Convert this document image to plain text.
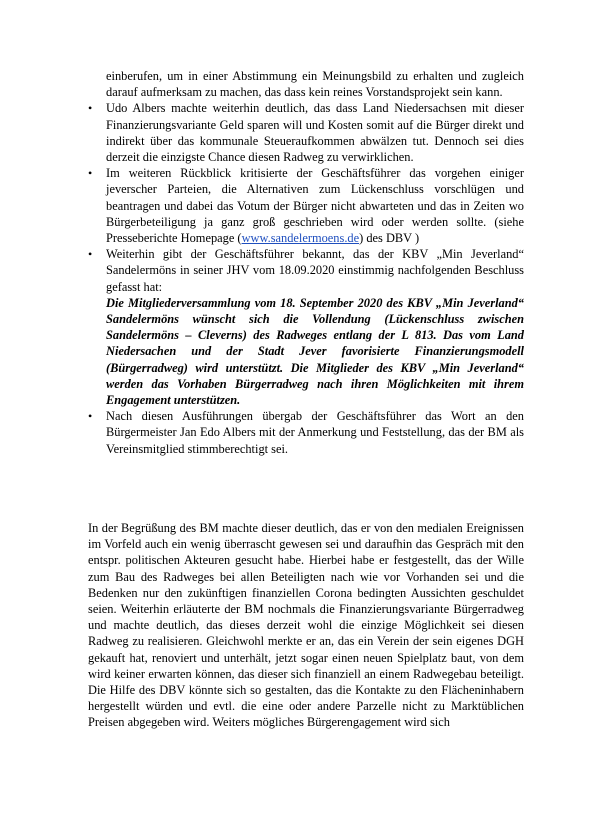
einberufen, um in einer Abstimmung ein Meinungsbild zu erhalten und zugleich darauf aufmerksam zu machen, das dass kein reines Vorstandsprojekt sein kann.
•	Udo Albers machte weiterhin deutlich, das dass Land Niedersachsen mit dieser Finanzierungsvariante Geld sparen will und Kosten somit auf die Bürger direkt und indirekt über das kommunale Steueraufkommen abwälzen tut. Dennoch sei dies derzeit die einzigste Chance diesen Radweg zu verwirklichen.
•	Im weiteren Rückblick kritisierte der Geschäftsführer das vorgehen einiger jeverscher Parteien, die Alternativen zum Lückenschluss vorschlügen und beantragen und dabei das Votum der Bürger nicht abwarteten und das in Zeiten wo Bürgerbeteiligung ja ganz groß geschrieben wird oder werden sollte. (siehe Presseberichte Homepage (www.sandelermoens.de) des DBV )
•	Weiterhin gibt der Geschäftsführer bekannt, das der KBV „Min Jeverland“ Sandelermöns in seiner JHV vom 18.09.2020 einstimmig nachfolgenden Beschluss gefasst hat:
Die Mitgliederversammlung vom 18. September 2020 des KBV „Min Jeverland“ Sandelermöns wünscht sich die Vollendung (Lückenschluss zwischen Sandelermöns – Cleverns) des Radweges entlang der L 813. Das vom Land Niedersachen und der Stadt Jever favorisierte Finanzierungsmodell (Bürgerradweg) wird unterstützt. Die Mitglieder des KBV „Min Jeverland“ werden das Vorhaben Bürgerradweg nach ihren Möglichkeiten mit ihrem Engagement unterstützen.
•	Nach diesen Ausführungen übergab der Geschäftsführer das Wort an den Bürgermeister Jan Edo Albers mit der Anmerkung und Feststellung, das der BM als Vereinsmitglied stimmberechtigt sei.

In der Begrüßung des BM machte dieser deutlich, das er von den medialen Ereignissen im Vorfeld auch ein wenig überrascht gewesen sei und daraufhin das Gespräch mit den entspr. politischen Akteuren gesucht habe. Hierbei habe er festgestellt, das der Wille zum Bau des Radweges bei allen Beteiligten nach wie vor Vorhanden sei und die Bedenken nur den zukünftigen finanziellen Corona bedingten Aussichten geschuldet seien. Weiterhin erläuterte der BM nochmals die Finanzierungsvariante Bürgerradweg und machte deutlich, das dieses derzeit wohl die einzige Möglichkeit sei diesen Radweg zu realisieren. Gleichwohl merkte er an, das ein Verein der sein eigenes DGH gekauft hat, renoviert und unterhält, jetzt sogar einen neuen Spielplatz baut, von dem wird keiner erwarten können, das dieser sich finanziell an einem Radwegebau beteiligt. Die Hilfe des DBV könnte sich so gestalten, das die Kontakte zu den Flächeninhabern hergestellt würden und evtl. die eine oder andere Parzelle nicht zu Marktüblichen Preisen abgegeben wird. Weiters mögliches Bürgerengagement wird sich
